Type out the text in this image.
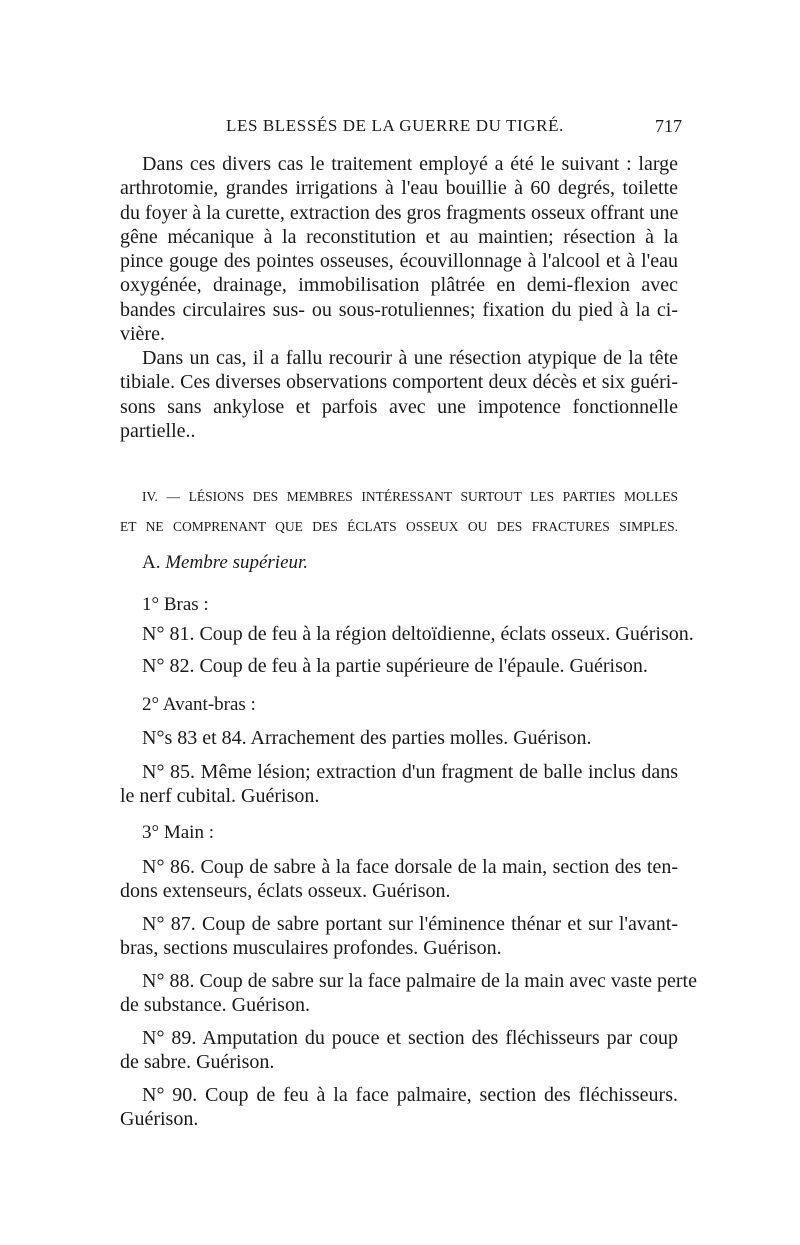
LES BLESSÉS DE LA GUERRE DU TIGRÉ.	717
Dans ces divers cas le traitement employé a été le suivant : large
arthrotomie, grandes irrigations à l'eau bouillie à 60 degrés, toilette
du foyer à la curette, extraction des gros fragments osseux offrant une
gêne mécanique à la reconstitution et au maintien; résection à la
pince gouge des pointes osseuses, écouvillonnage à l'alcool et à l'eau
oxygénée, drainage, immobilisation plâtrée en demi-flexion avec
bandes circulaires sus- ou sous-rotuliennes; fixation du pied à la ci-
vière.
Dans un cas, il a fallu recourir à une résection atypique de la tête
tibiale. Ces diverses observations comportent deux décès et six guéri-
sons sans ankylose et parfois avec une impotence fonctionnelle
partielle..
IV. — LÉSIONS DES MEMBRES INTÉRESSANT SURTOUT LES PARTIES MOLLES
ET NE COMPRENANT QUE DES ÉCLATS OSSEUX OU DES FRACTURES SIMPLES.
A. Membre supérieur.
1° Bras :
N° 81. Coup de feu à la région deltoïdienne, éclats osseux. Guérison.
N° 82. Coup de feu à la partie supérieure de l'épaule. Guérison.
2° Avant-bras :
N°s 83 et 84. Arrachement des parties molles. Guérison.
N° 85. Même lésion; extraction d'un fragment de balle inclus dans
le nerf cubital. Guérison.
3° Main :
N° 86. Coup de sabre à la face dorsale de la main, section des ten-
dons extenseurs, éclats osseux. Guérison.
N° 87. Coup de sabre portant sur l'éminence thénar et sur l'avant-
bras, sections musculaires profondes. Guérison.
N° 88. Coup de sabre sur la face palmaire de la main avec vaste perte
de substance. Guérison.
N° 89. Amputation du pouce et section des fléchisseurs par coup
de sabre. Guérison.
N° 90. Coup de feu à la face palmaire, section des fléchisseurs.
Guérison.
